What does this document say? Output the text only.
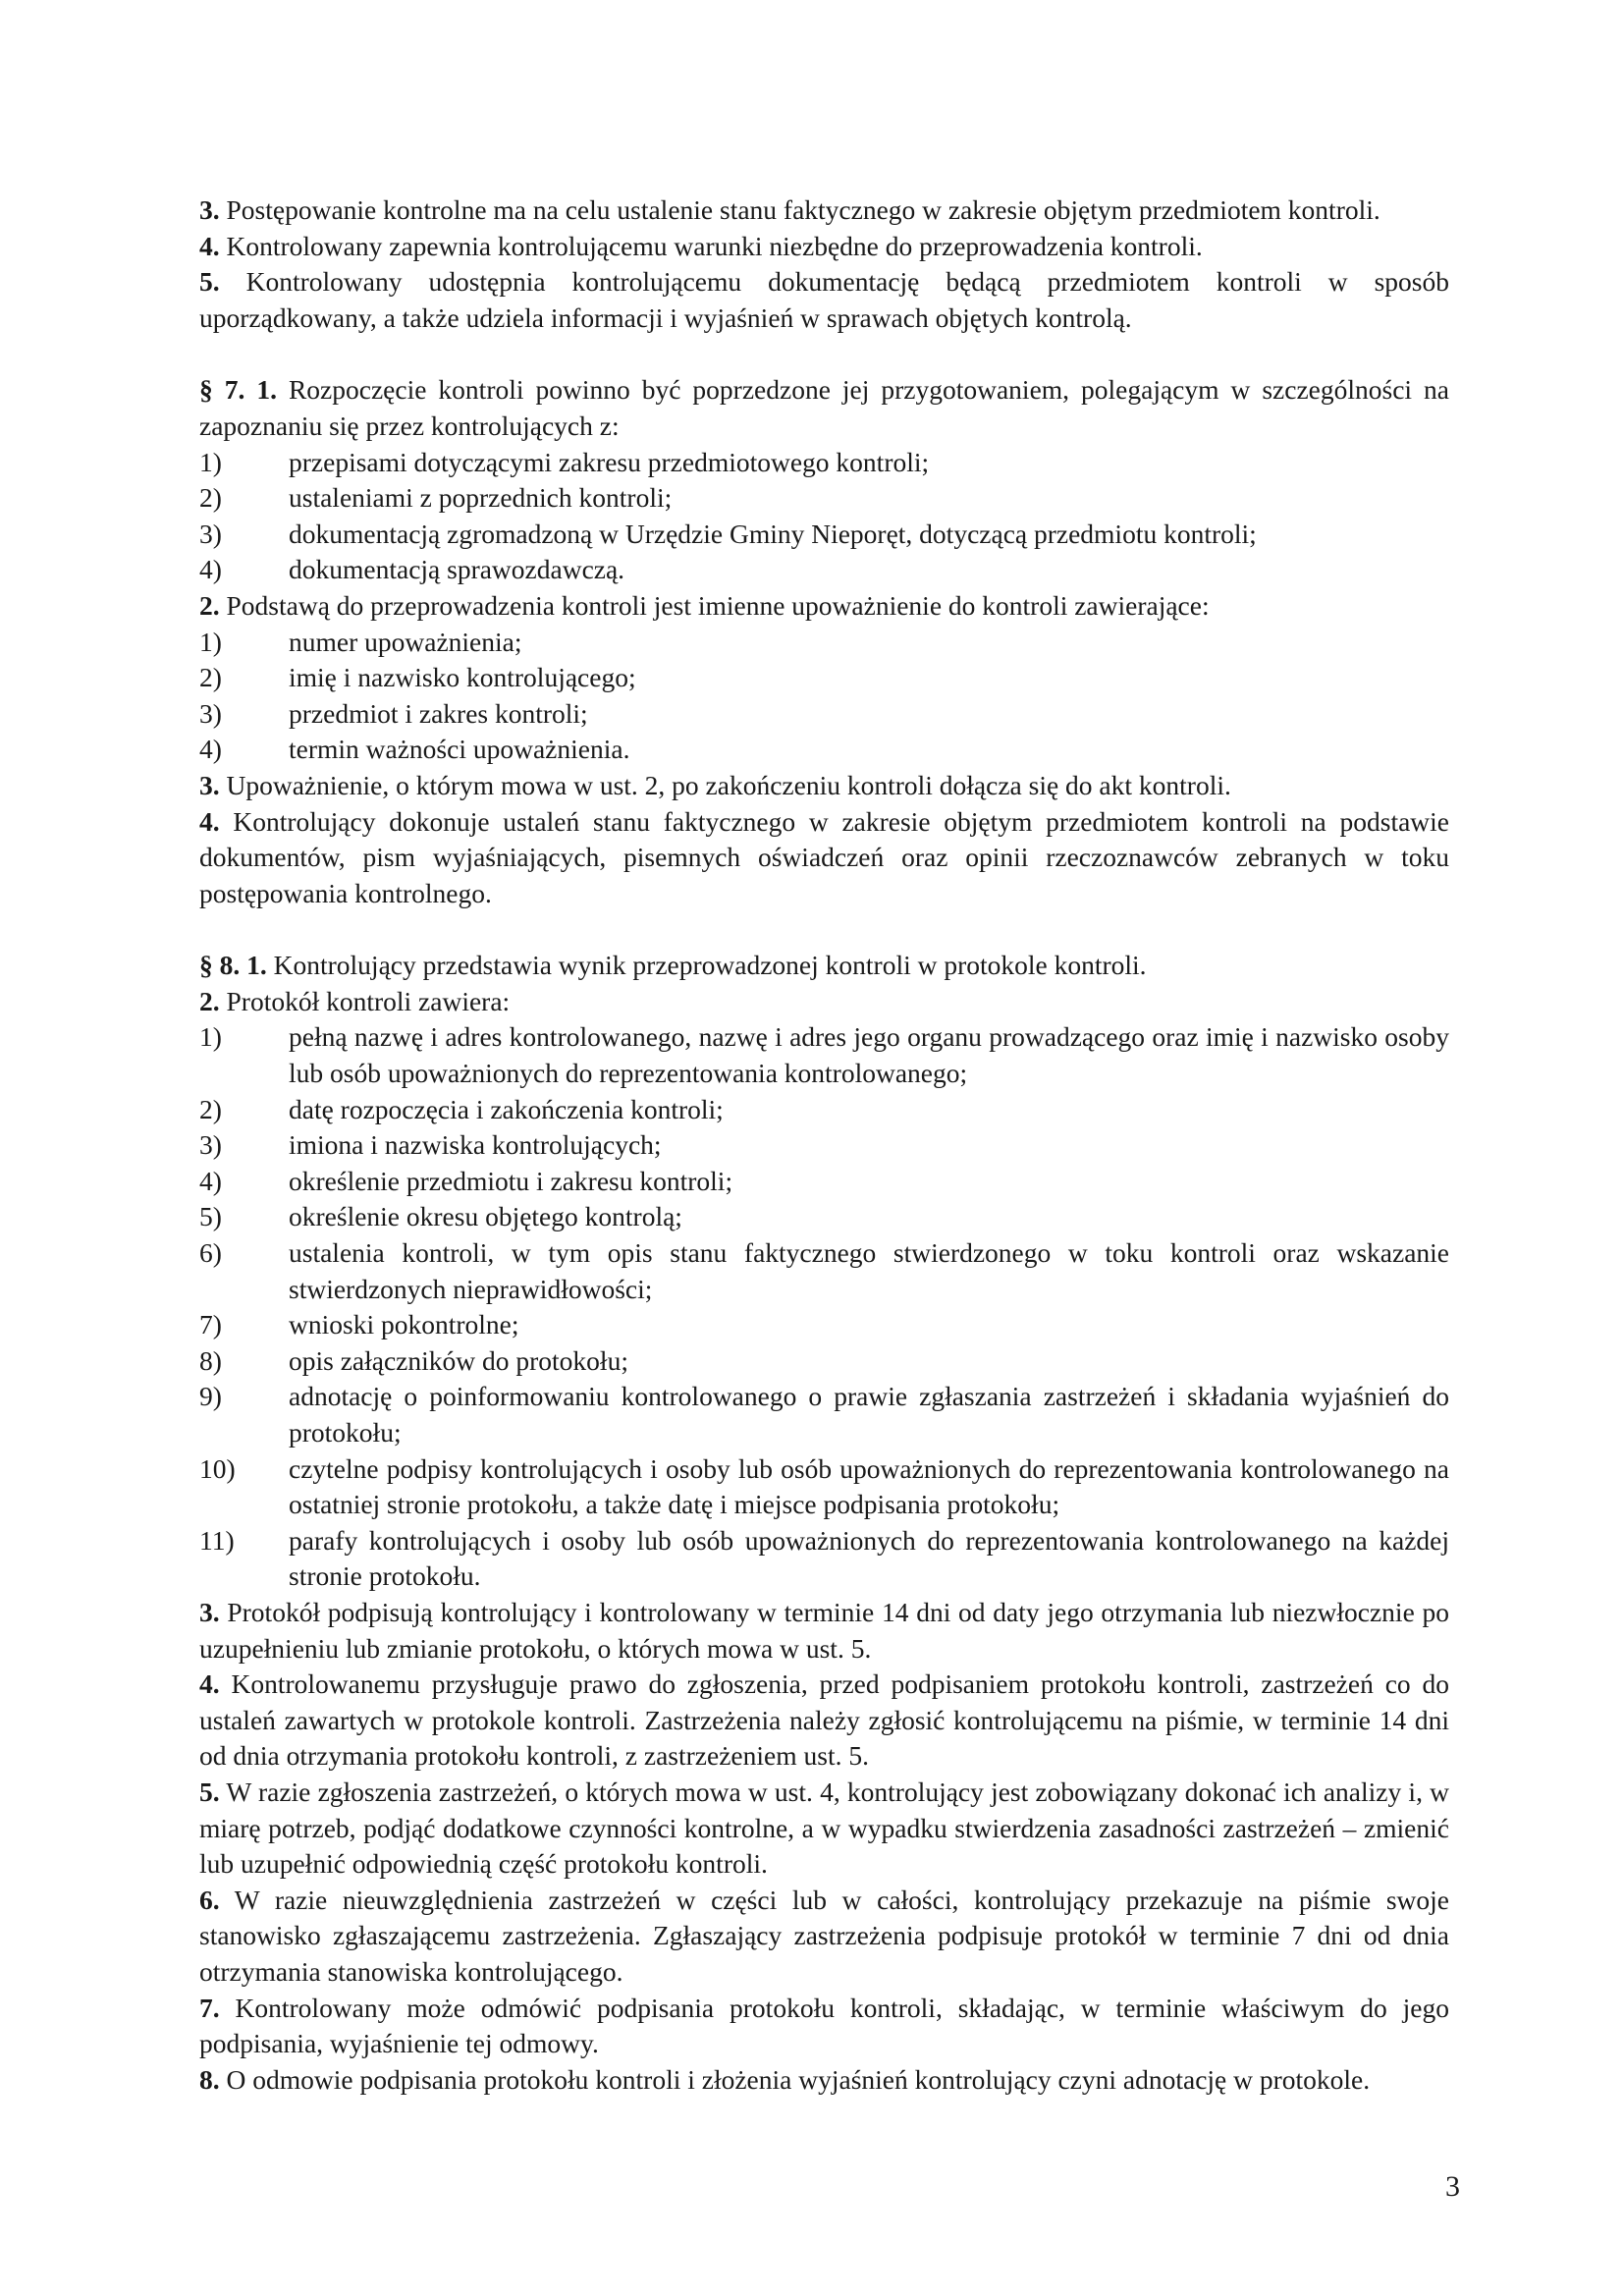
3. Postępowanie kontrolne ma na celu ustalenie stanu faktycznego w zakresie objętym przedmiotem kontroli.

4. Kontrolowany zapewnia kontrolującemu warunki niezbędne do przeprowadzenia kontroli.

5. Kontrolowany udostępnia kontrolującemu dokumentację będącą przedmiotem kontroli w sposób uporządkowany, a także udziela informacji i wyjaśnień w sprawach objętych kontrolą.

§ 7. 1. Rozpoczęcie kontroli powinno być poprzedzone jej przygotowaniem, polegającym w szczególności na zapoznaniu się przez kontrolujących z:

1)	przepisami dotyczącymi zakresu przedmiotowego kontroli;
2)	ustaleniami z poprzednich kontroli;
3)	dokumentacją zgromadzoną w Urzędzie Gminy Nieporęt, dotyczącą przedmiotu kontroli;
4)	dokumentacją sprawozdawczą.

2. Podstawą do przeprowadzenia kontroli jest imienne upoważnienie do kontroli zawierające:

1)	numer upoważnienia;
2)	imię i nazwisko kontrolującego;
3)	przedmiot i zakres kontroli;
4)	termin ważności upoważnienia.

3. Upoważnienie, o którym mowa w ust. 2, po zakończeniu kontroli dołącza się do akt kontroli.

4. Kontrolujący dokonuje ustaleń stanu faktycznego w zakresie objętym przedmiotem kontroli na podstawie dokumentów, pism wyjaśniających, pisemnych oświadczeń oraz opinii rzeczoznawców zebranych w toku postępowania kontrolnego.

§ 8. 1. Kontrolujący przedstawia wynik przeprowadzonej kontroli w protokole kontroli.

2. Protokół kontroli zawiera:

1)	pełną nazwę i adres kontrolowanego, nazwę i adres jego organu prowadzącego oraz imię i nazwisko osoby lub osób upoważnionych do reprezentowania kontrolowanego;
2)	datę rozpoczęcia i zakończenia kontroli;
3)	imiona i nazwiska kontrolujących;
4)	określenie przedmiotu i zakresu kontroli;
5)	określenie okresu objętego kontrolą;
6)	ustalenia kontroli, w tym opis stanu faktycznego stwierdzonego w toku kontroli oraz wskazanie stwierdzonych nieprawidłowości;
7)	wnioski pokontrolne;
8)	opis załączników do protokołu;
9)	adnotację o poinformowaniu kontrolowanego o prawie zgłaszania zastrzeżeń i składania wyjaśnień do protokołu;
10)	czytelne podpisy kontrolujących i osoby lub osób upoważnionych do reprezentowania kontrolowanego na ostatniej stronie protokołu, a także datę i miejsce podpisania protokołu;
11)	parafy kontrolujących i osoby lub osób upoważnionych do reprezentowania kontrolowanego na każdej stronie protokołu.

3. Protokół podpisują kontrolujący i kontrolowany w terminie 14 dni od daty jego otrzymania lub niezwłocznie po uzupełnieniu lub zmianie protokołu, o których mowa w ust. 5.

4. Kontrolowanemu przysługuje prawo do zgłoszenia, przed podpisaniem protokołu kontroli, zastrzeżeń co do ustaleń zawartych w protokole kontroli. Zastrzeżenia należy zgłosić kontrolującemu na piśmie, w terminie 14 dni od dnia otrzymania protokołu kontroli, z zastrzeżeniem ust. 5.

5. W razie zgłoszenia zastrzeżeń, o których mowa w ust. 4, kontrolujący jest zobowiązany dokonać ich analizy i, w miarę potrzeb, podjąć dodatkowe czynności kontrolne, a w wypadku stwierdzenia zasadności zastrzeżeń – zmienić lub uzupełnić odpowiednią część protokołu kontroli.

6. W razie nieuwzględnienia zastrzeżeń w części lub w całości, kontrolujący przekazuje na piśmie swoje stanowisko zgłaszającemu zastrzeżenia. Zgłaszający zastrzeżenia podpisuje protokół w terminie 7 dni od dnia otrzymania stanowiska kontrolującego.

7. Kontrolowany może odmówić podpisania protokołu kontroli, składając, w terminie właściwym do jego podpisania, wyjaśnienie tej odmowy.

8. O odmowie podpisania protokołu kontroli i złożenia wyjaśnień kontrolujący czyni adnotację w protokole.

3
